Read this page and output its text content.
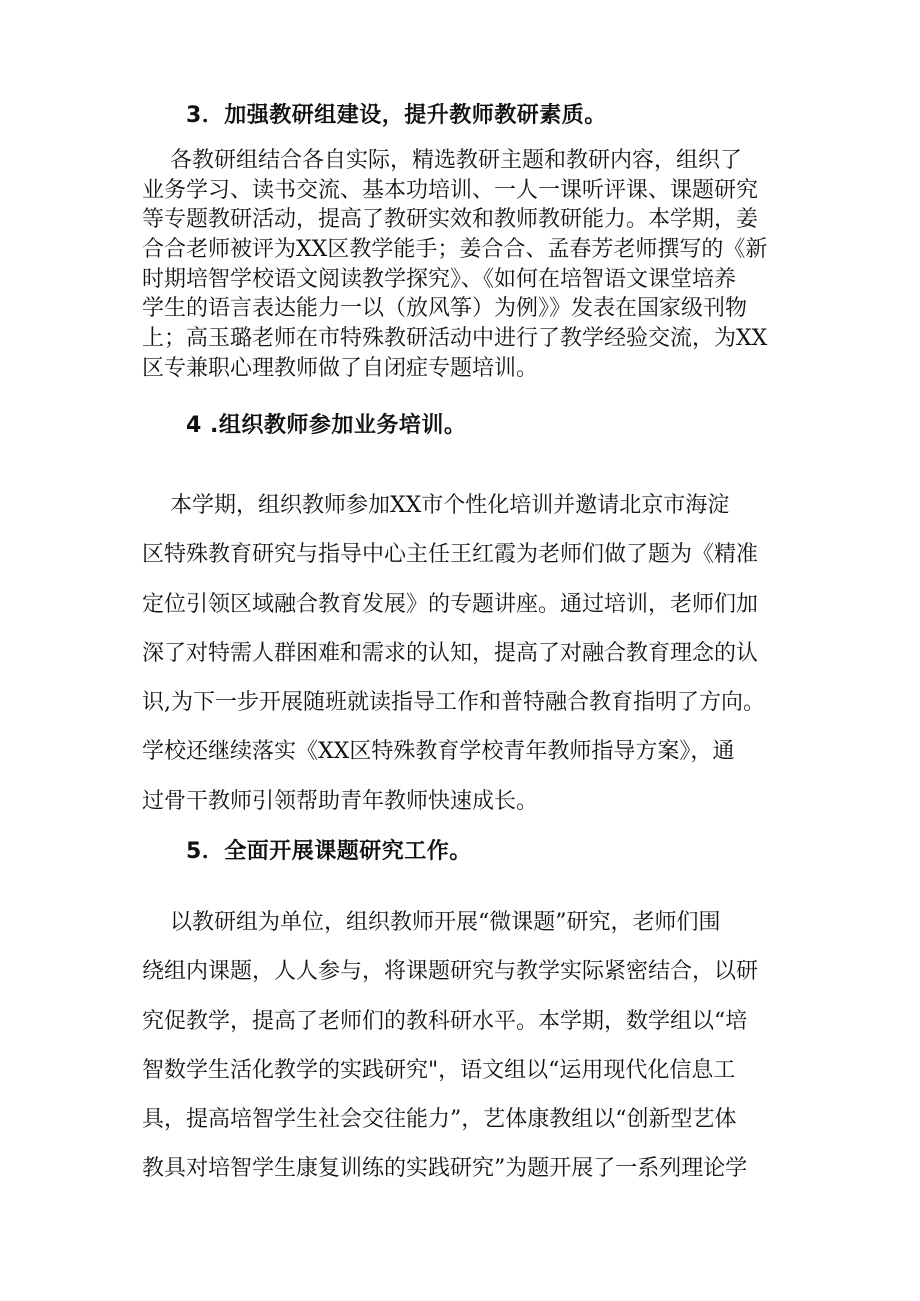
3．加强教研组建设，提升教师教研素质。
各教研组结合各自实际，精选教研主题和教研内容，组织了
业务学习、读书交流、基本功培训、一人一课听评课、课题研究
等专题教研活动，提高了教研实效和教师教研能力。本学期，姜
合合老师被评为XX区教学能手；姜合合、孟春芳老师撰写的《新
时期培智学校语文阅读教学探究》、《如何在培智语文课堂培养
学生的语言表达能力一以（放风筝）为例》》发表在国家级刊物
上；高玉璐老师在市特殊教研活动中进行了教学经验交流，为XX
区专兼职心理教师做了自闭症专题培训。
4 .组织教师参加业务培训。
本学期，组织教师参加XX市个性化培训并邀请北京市海淀
区特殊教育研究与指导中心主任王红霞为老师们做了题为《精准
定位引领区域融合教育发展》的专题讲座。通过培训，老师们加
深了对特需人群困难和需求的认知，提高了对融合教育理念的认
识,为下一步开展随班就读指导工作和普特融合教育指明了方向。
学校还继续落实《XX区特殊教育学校青年教师指导方案》，通
过骨干教师引领帮助青年教师快速成长。
5．全面开展课题研究工作。
以教研组为单位，组织教师开展“微课题”研究，老师们围
绕组内课题，人人参与，将课题研究与教学实际紧密结合，以研
究促教学，提高了老师们的教科研水平。本学期，数学组以“培
智数学生活化教学的实践研究"，语文组以“运用现代化信息工
具，提高培智学生社会交往能力”，艺体康教组以“创新型艺体
教具对培智学生康复训练的实践研究”为题开展了一系列理论学
